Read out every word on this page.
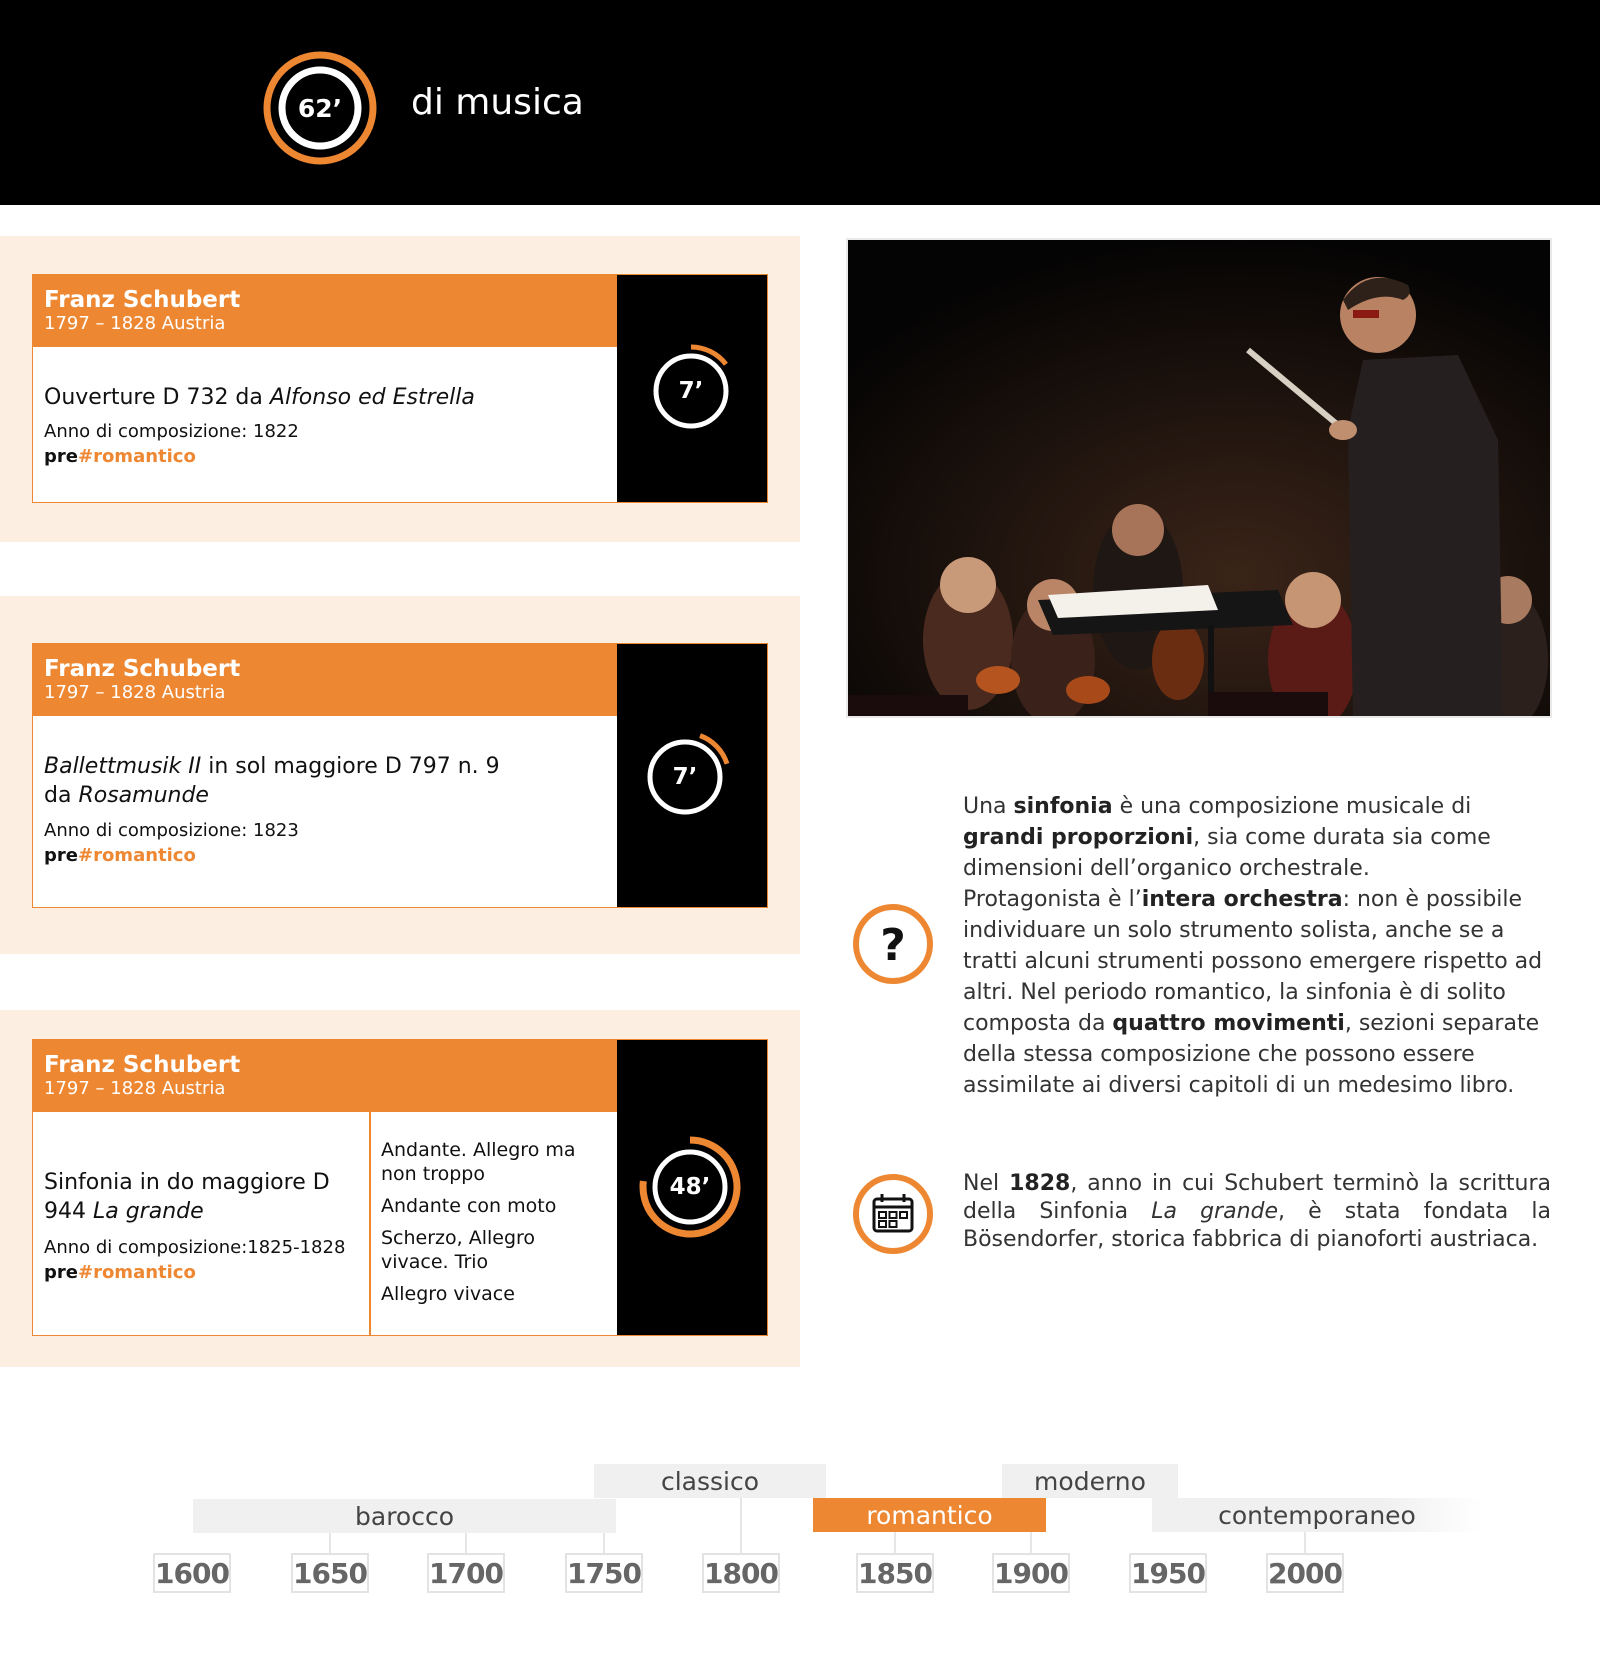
62’	di musica
Franz Schubert
1797 – 1828 Austria
Ouverture D 732 da Alfonso ed Estrella
Anno di composizione: 1822
pre#romantico
7’
Franz Schubert
1797 – 1828 Austria
Ballettmusik II in sol maggiore D 797 n. 9
da Rosamunde
Anno di composizione: 1823
pre#romantico
7’
Franz Schubert
1797 – 1828 Austria
Sinfonia in do maggiore D 944 La grande
Anno di composizione:1825-1828
pre#romantico
Andante. Allegro ma non troppo
Andante con moto
Scherzo, Allegro vivace. Trio
Allegro vivace
48’
?
Una sinfonia è una composizione musicale di grandi proporzioni, sia come durata sia come dimensioni dell’organico orchestrale.
Protagonista è l’intera orchestra: non è possibile individuare un solo strumento solista, anche se a tratti alcuni strumenti possono emergere rispetto ad altri. Nel periodo romantico, la sinfonia è di solito composta da quattro movimenti, sezioni separate della stessa composizione che possono essere assimilate ai diversi capitoli di un medesimo libro.
Nel 1828, anno in cui Schubert terminò la scrittura della Sinfonia La grande, è stata fondata la Bösendorfer, storica fabbrica di pianoforti austriaca.
barocco
classico
romantico
moderno
contemporaneo
1600 1650 1700 1750 1800	1850 1900 1950 2000
